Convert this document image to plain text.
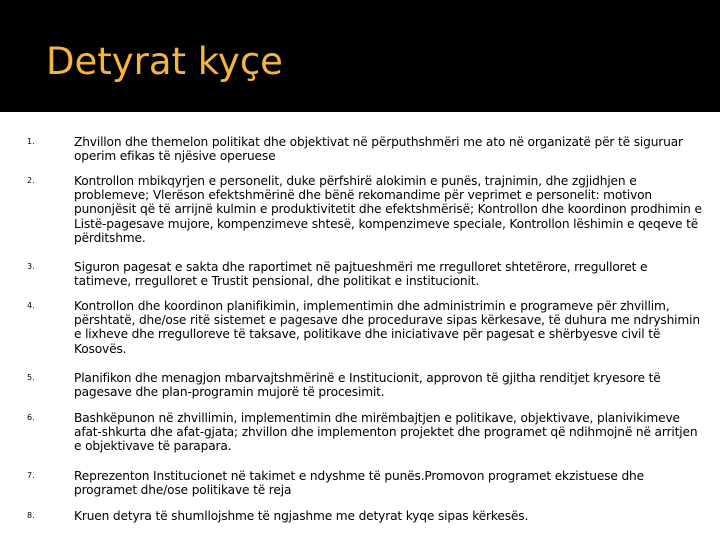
Detyrat kyçe
1.	Zhvillon dhe themelon politikat dhe objektivat në përputhshmëri me ato në organizatë për të siguruar operim efikas të njësive operuese
2.	Kontrollon mbikqyrjen e personelit, duke përfshirë alokimin e punës, trajnimin, dhe zgjidhjen e problemeve; Vlerëson efektshmërinë dhe bënë rekomandime për veprimet e personelit: motivon punonjësit që të arrijnë kulmin e produktivitetit dhe efektshmërisë; Kontrollon dhe koordinon prodhimin e Listë-pagesave mujore, kompenzimeve shtesë, kompenzimeve speciale, Kontrollon lëshimin e qeqeve të përditshme.
3.	Siguron pagesat e sakta dhe raportimet në pajtueshmëri me rregulloret shtetërore, rregulloret e tatimeve, rregulloret e Trustit pensional, dhe politikat e institucionit.
4.	Kontrollon dhe koordinon planifikimin, implementimin dhe administrimin e programeve për zhvillim, përshtatë, dhe/ose ritë sistemet e pagesave dhe procedurave sipas kërkesave, të duhura me ndryshimin e lixheve dhe rregulloreve të taksave, politikave dhe iniciativave për pagesat e shërbyesve civil të Kosovës.
5.	Planifikon dhe menagjon mbarvajtshmërinë e Institucionit, approvon të gjitha renditjet kryesore të pagesave dhe plan-programin mujorë të procesimit.
6.	Bashkëpunon në zhvillimin, implementimin dhe mirëmbajtjen e politikave, objektivave, planivikimeve afat-shkurta dhe afat-gjata; zhvillon dhe implementon projektet dhe programet që ndihmojnë në arritjen e objektivave të parapara.
7.	Reprezenton Institucionet në takimet e ndyshme të punës.Promovon programet ekzistuese dhe programet dhe/ose politikave të reja
8.	Kruen detyra të shumllojshme të ngjashme me detyrat kyqe sipas kërkesës.
